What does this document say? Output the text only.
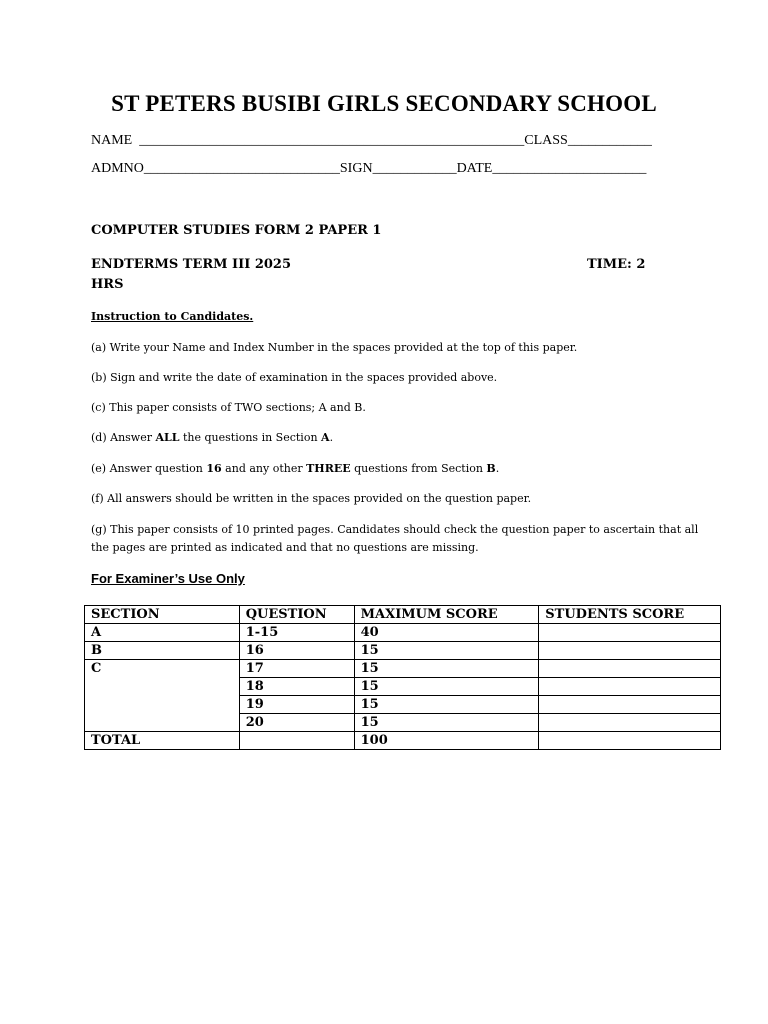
ST PETERS BUSIBI GIRLS SECONDARY SCHOOL
NAME _______________________________________________________CLASS____________
ADMNO____________________________SIGN____________DATE______________________
COMPUTER STUDIES FORM 2 PAPER 1
ENDTERMS TERM III 2025	TIME: 2
HRS
Instruction to Candidates.
(a) Write your Name and Index Number in the spaces provided at the top of this paper.
(b) Sign and write the date of examination in the spaces provided above.
(c) This paper consists of TWO sections; A and B.
(d) Answer ALL the questions in Section A.
(e) Answer question 16 and any other THREE questions from Section B.
(f) All answers should be written in the spaces provided on the question paper.
(g) This paper consists of 10 printed pages. Candidates should check the question paper to ascertain that all
the pages are printed as indicated and that no questions are missing.
For Examiner’s Use Only
SECTION	QUESTION	MAXIMUM SCORE	STUDENTS SCORE
A	1-15	40	
B	16	15	
C	17	15	
	18	15	
	19	15	
	20	15	
TOTAL		100	
